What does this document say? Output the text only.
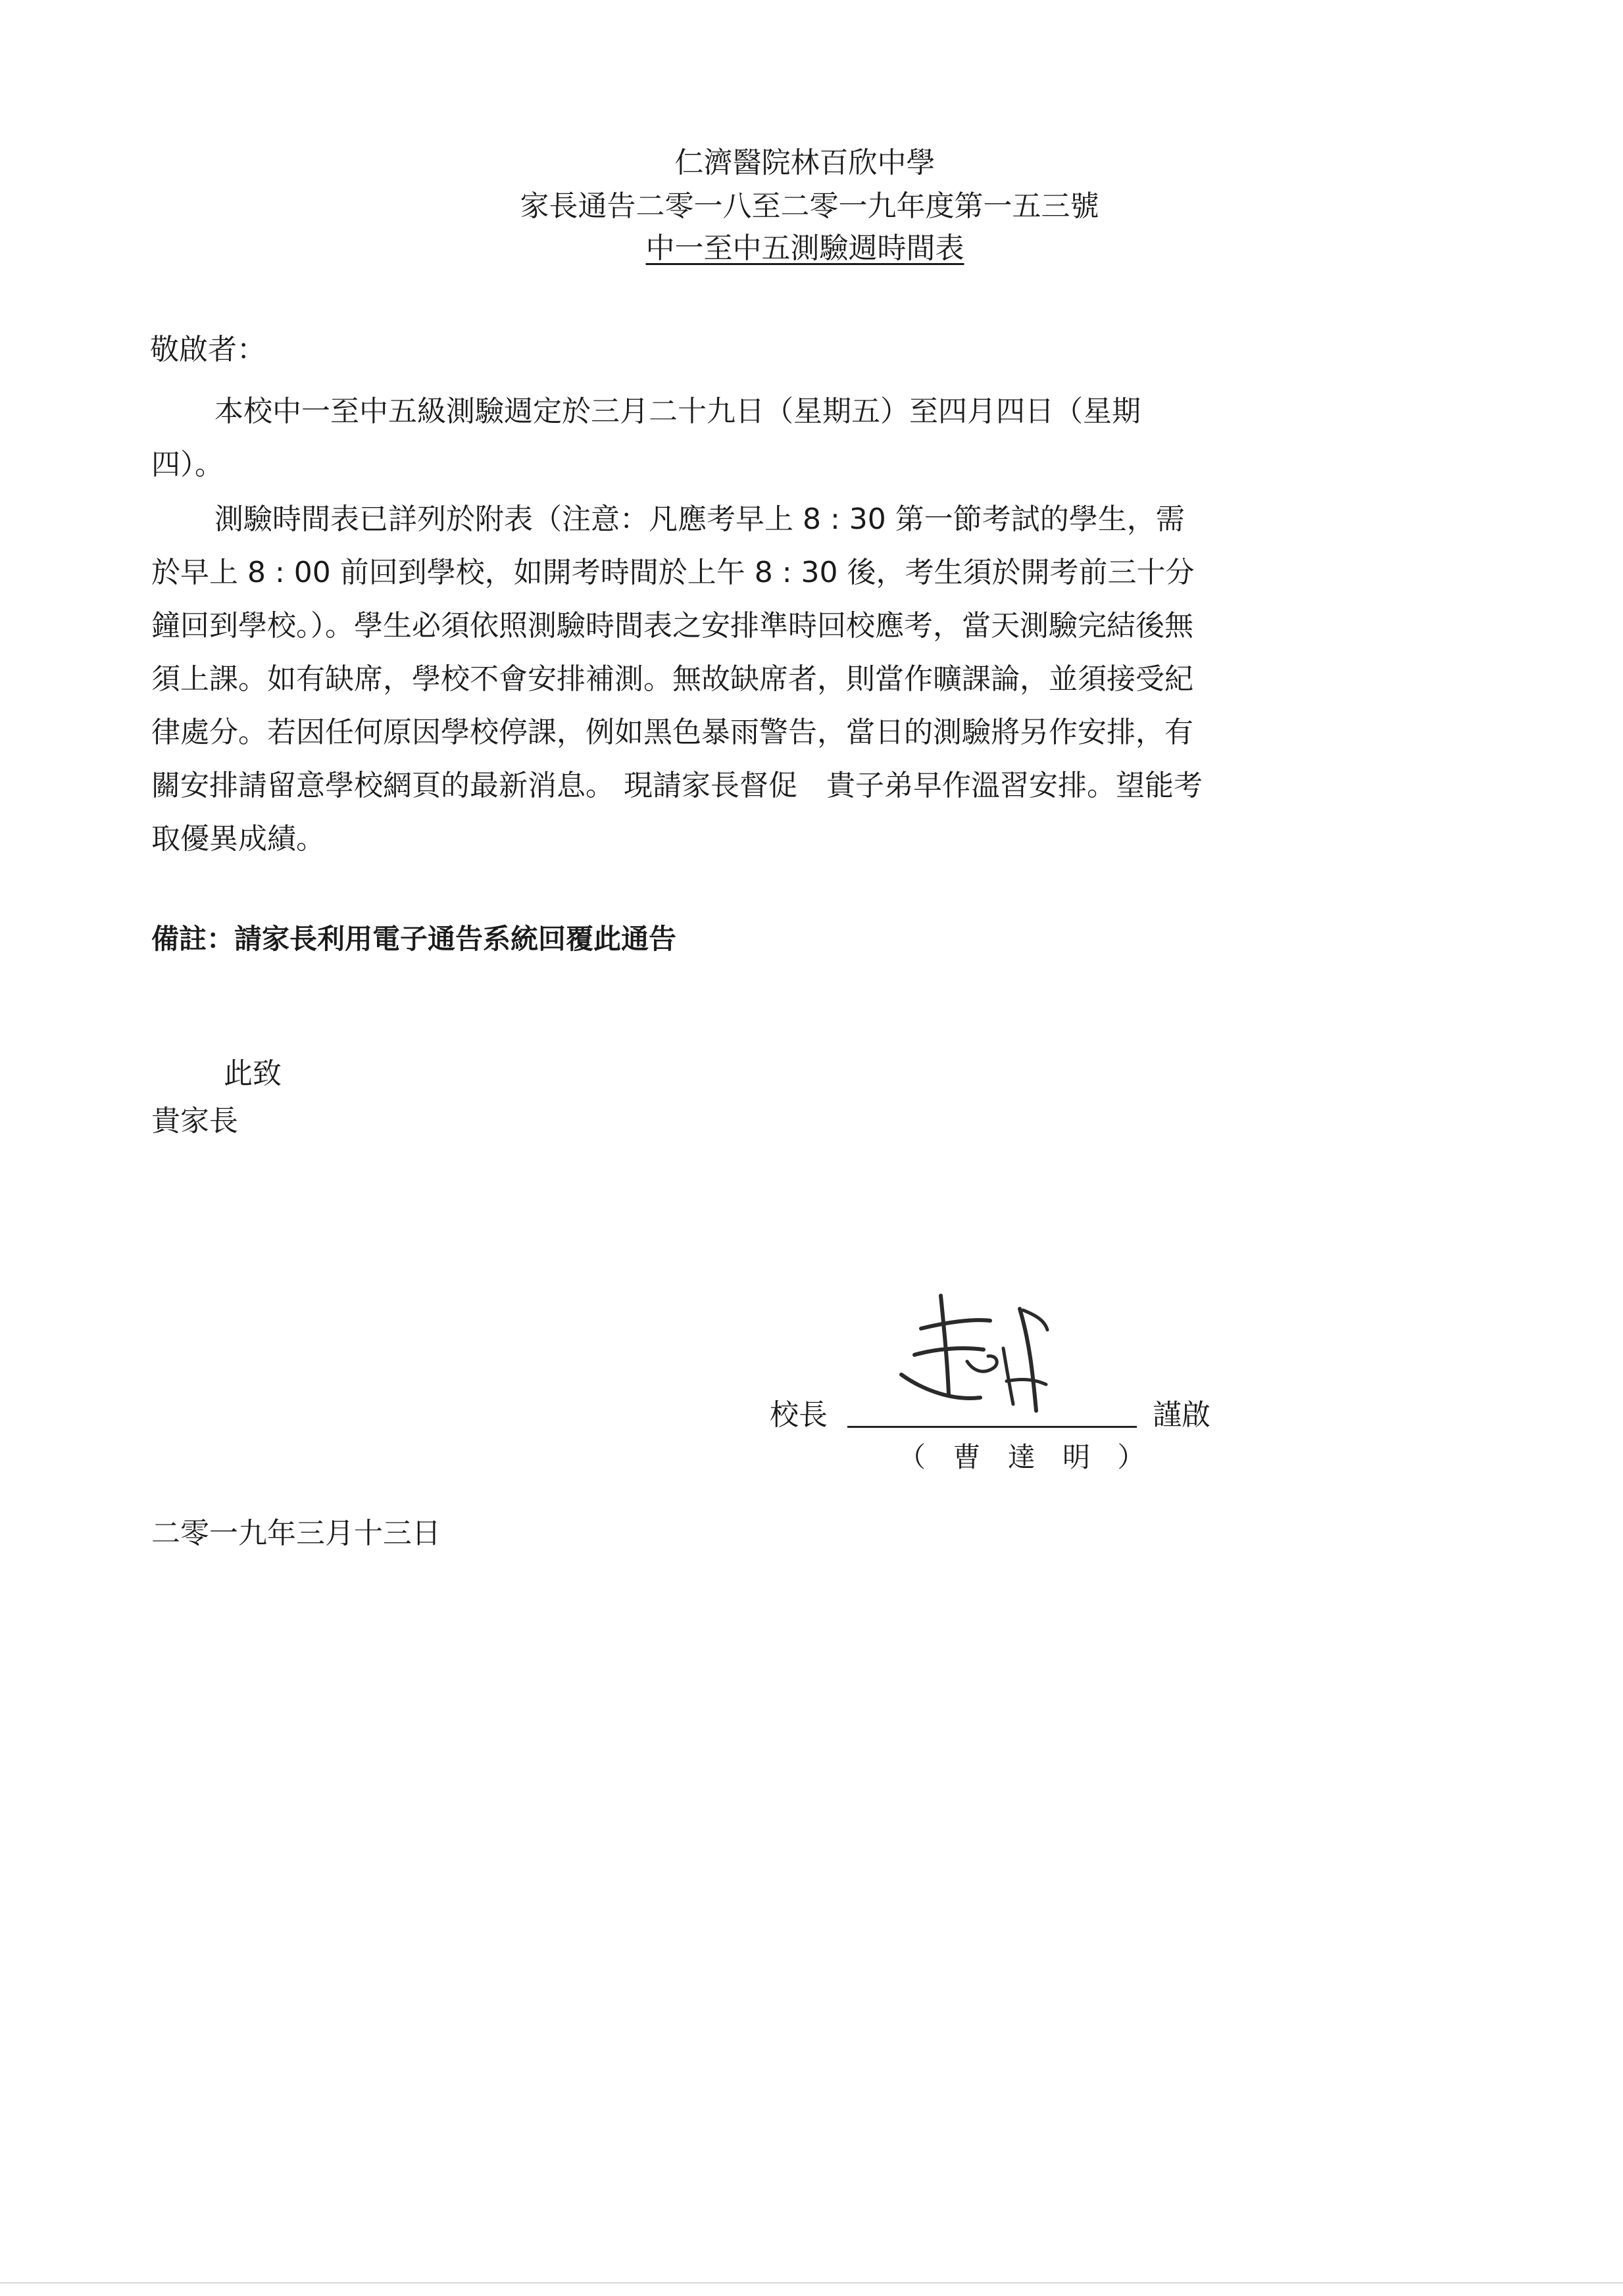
仁濟醫院林百欣中學
家長通告二零一八至二零一九年度第一五三號
中一至中五測驗週時間表
敬啟者：
本校中一至中五級測驗週定於三月二十九日（星期五）至四月四日（星期四）。
測驗時間表已詳列於附表（注意：凡應考早上 8 : 30 第一節考試的學生，需於早上 8 : 00 前回到學校，如開考時間於上午 8 : 30 後，考生須於開考前三十分鐘回到學校。）。學生必須依照測驗時間表之安排準時回校應考，當天測驗完結後無須上課。如有缺席，學校不會安排補測。無故缺席者，則當作曠課論，並須接受紀律處分。若因任何原因學校停課，例如黑色暴雨警告，當日的測驗將另作安排，有關安排請留意學校網頁的最新消息。 現請家長督促　貴子弟早作溫習安排。望能考取優異成績。
備註：請家長利用電子通告系統回覆此通告
此致
貴家長
校長	謹啟
（ 曹 達 明 ）
二零一九年三月十三日
